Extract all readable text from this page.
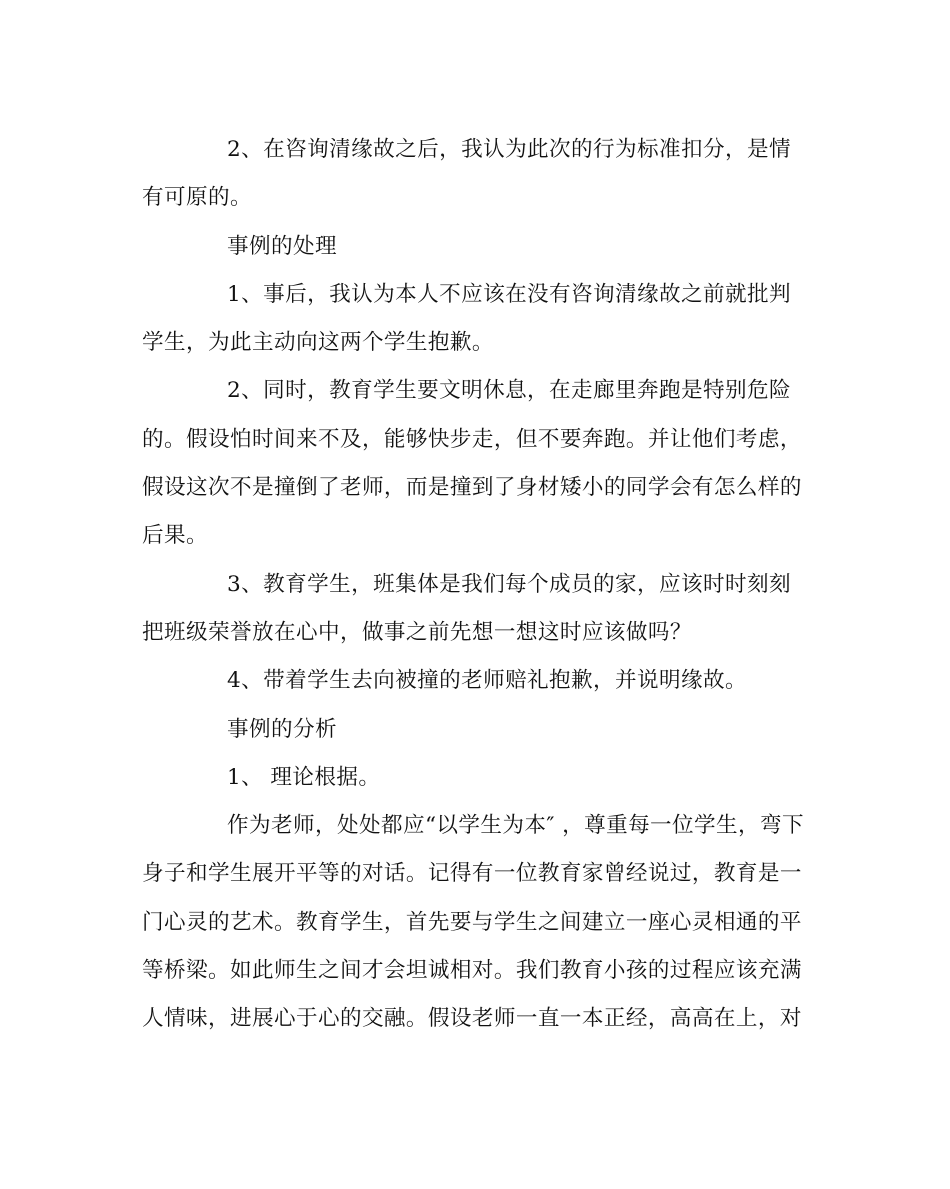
2、在咨询清缘故之后，我认为此次的行为标准扣分，是情有可原的。

事例的处理

1、事后，我认为本人不应该在没有咨询清缘故之前就批判学生，为此主动向这两个学生抱歉。

2、同时，教育学生要文明休息，在走廊里奔跑是特别危险的。假设怕时间来不及，能够快步走，但不要奔跑。并让他们考虑，假设这次不是撞倒了老师，而是撞到了身材矮小的同学会有怎么样的后果。

3、教育学生，班集体是我们每个成员的家，应该时时刻刻把班级荣誉放在心中，做事之前先想一想这时应该做吗？

4、带着学生去向被撞的老师赔礼抱歉，并说明缘故。

事例的分析

1、 理论根据。

作为老师，处处都应“以学生为本″ ，尊重每一位学生，弯下身子和学生展开平等的对话。记得有一位教育家曾经说过，教育是一门心灵的艺术。教育学生，首先要与学生之间建立一座心灵相通的平等桥梁。如此师生之间才会坦诚相对。我们教育小孩的过程应该充满人情味，进展心于心的交融。假设老师一直一本正经，高高在上，对
